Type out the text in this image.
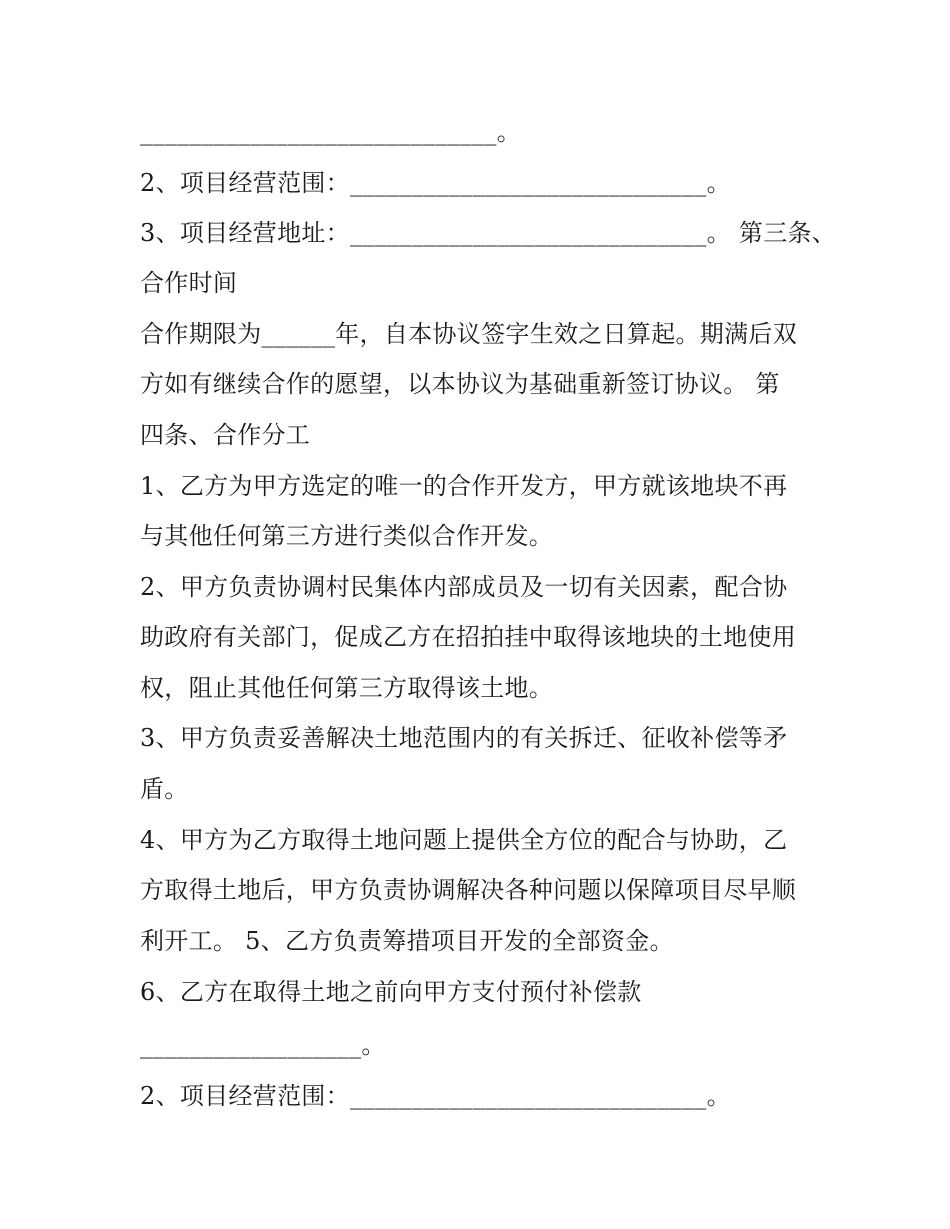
_____________________________。
2、项目经营范围：_____________________________。
3、项目经营地址：_____________________________。 第三条、
合作时间
合作期限为______年，自本协议签字生效之日算起。期满后双
方如有继续合作的愿望，以本协议为基础重新签订协议。 第
四条、合作分工
1、乙方为甲方选定的唯一的合作开发方，甲方就该地块不再
与其他任何第三方进行类似合作开发。
2、甲方负责协调村民集体内部成员及一切有关因素，配合协
助政府有关部门，促成乙方在招拍挂中取得该地块的土地使用
权，阻止其他任何第三方取得该土地。
3、甲方负责妥善解决土地范围内的有关拆迁、征收补偿等矛
盾。
4、甲方为乙方取得土地问题上提供全方位的配合与协助，乙
方取得土地后，甲方负责协调解决各种问题以保障项目尽早顺
利开工。 5、乙方负责筹措项目开发的全部资金。
6、乙方在取得土地之前向甲方支付预付补偿款
__________________。
2、项目经营范围：_____________________________。
